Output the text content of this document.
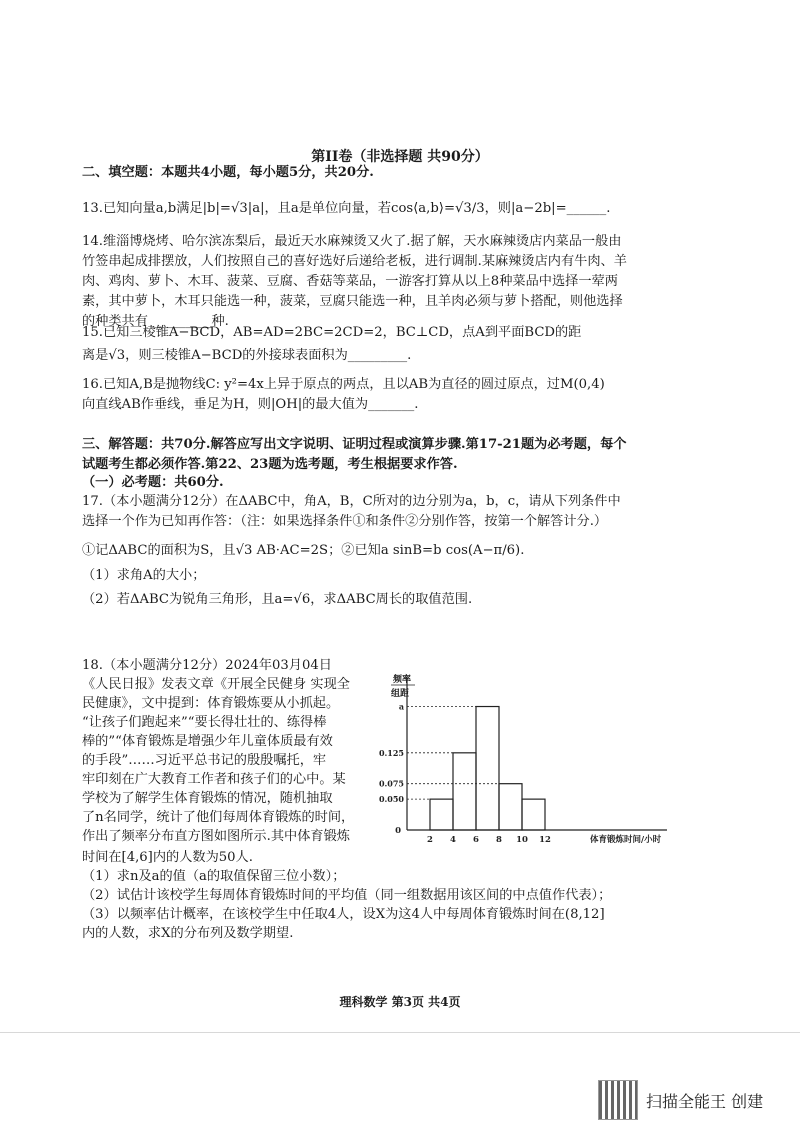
第II卷（非选择题 共90分）
二、填空题：本题共4小题，每小题5分，共20分.
13.已知向量a,b满足|b|=√3|a|，且a是单位向量，若cos⟨a,b⟩=√3/3，则|a−2b|=______.
14.维淄博烧烤、哈尔滨冻梨后，最近天水麻辣烫又火了.据了解，天水麻辣烫店内菜品一般由
竹签串起成排摆放，人们按照自己的喜好选好后递给老板，进行调制.某麻辣烫店内有牛肉、羊
肉、鸡肉、萝卜、木耳、菠菜、豆腐、香菇等菜品，一游客打算从以上8种菜品中选择一荤两
素，其中萝卜，木耳只能选一种，菠菜，豆腐只能选一种，且羊肉必须与萝卜搭配，则他选择
的种类共有 _________种.
15.已知三棱锥A−BCD，AB=AD=2BC=2CD=2，BC⊥CD，点A到平面BCD的距
离是√3，则三棱锥A−BCD的外接球表面积为_________.
16.已知A,B是抛物线C: y²=4x上异于原点的两点，且以AB为直径的圆过原点，过M(0,4)
向直线AB作垂线，垂足为H，则|OH|的最大值为_______.
三、解答题：共70分.解答应写出文字说明、证明过程或演算步骤.第17-21题为必考题，每个
试题考生都必须作答.第22、23题为选考题，考生根据要求作答.
（一）必考题：共60分.
17.（本小题满分12分）在ΔABC中，角A，B，C所对的边分别为a，b，c，请从下列条件中
选择一个作为已知再作答：（注：如果选择条件①和条件②分别作答，按第一个解答计分.）
①记ΔABC的面积为S，且√3 AB·AC=2S；②已知a sinB=b cos(A−π/6).
（1）求角A的大小；
（2）若ΔABC为锐角三角形，且a=√6，求ΔABC周长的取值范围.
18.（本小题满分12分）2024年03月04日
《人民日报》发表文章《开展全民健身 实现全
民健康》，文中提到：体育锻炼要从小抓起。
“让孩子们跑起来”“要长得壮壮的、练得棒
棒的”“体育锻炼是增强少年儿童体质最有效
的手段”……习近平总书记的殷殷嘱托，牢
牢印刻在广大教育工作者和孩子们的心中。某
学校为了解学生体育锻炼的情况，随机抽取
了n名同学，统计了他们每周体育锻炼的时间，
作出了频率分布直方图如图所示.其中体育锻炼
时间在[4,6]内的人数为50人.
（1）求n及a的值（a的取值保留三位小数）；
（2）试估计该校学生每周体育锻炼时间的平均值（同一组数据用该区间的中点值作代表）；
（3）以频率估计概率，在该校学生中任取4人，设X为这4人中每周体育锻炼时间在(8,12]
内的人数，求X的分布列及数学期望.
频率
组距
0
2 4 6 8 10 12	体育锻炼时间/小时
a
0.125
0.075
0.050
理科数学 第3页 共4页
扫描全能王 创建
